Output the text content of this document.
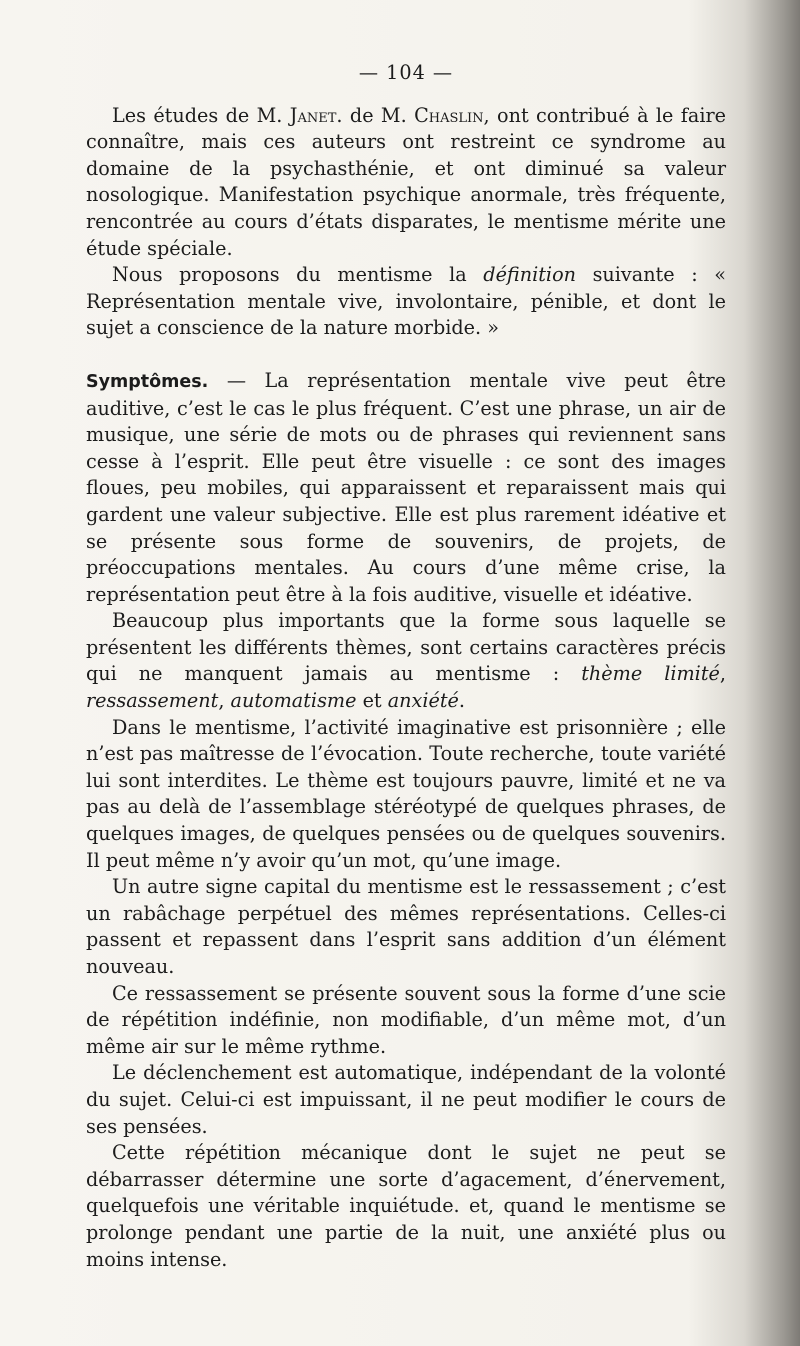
— 104 —

Les études de M. Janet. de M. Chaslin, ont contribué à le faire connaître, mais ces auteurs ont restreint ce syndrome au domaine de la psychasthénie, et ont diminué sa valeur nosologique. Manifestation psychique anormale, très fréquente, rencontrée au cours d’états disparates, le mentisme mérite une étude spéciale.

Nous proposons du mentisme la définition suivante : « Représentation mentale vive, involontaire, pénible, et dont le sujet a conscience de la nature morbide. »

Symptômes. — La représentation mentale vive peut être auditive, c’est le cas le plus fréquent. C’est une phrase, un air de musique, une série de mots ou de phrases qui reviennent sans cesse à l’esprit. Elle peut être visuelle : ce sont des images floues, peu mobiles, qui apparaissent et reparaissent mais qui gardent une valeur subjective. Elle est plus rarement idéative et se présente sous forme de souvenirs, de projets, de préoccupations mentales. Au cours d’une même crise, la représentation peut être à la fois auditive, visuelle et idéative.

Beaucoup plus importants que la forme sous laquelle se présentent les différents thèmes, sont certains caractères précis qui ne manquent jamais au mentisme : thème limité, ressassement, automatisme et anxiété.

Dans le mentisme, l’activité imaginative est prisonnière ; elle n’est pas maîtresse de l’évocation. Toute recherche, toute variété lui sont interdites. Le thème est toujours pauvre, limité et ne va pas au delà de l’assemblage stéréotypé de quelques phrases, de quelques images, de quelques pensées ou de quelques souvenirs. Il peut même n’y avoir qu’un mot, qu’une image.

Un autre signe capital du mentisme est le ressassement ; c’est un rabâchage perpétuel des mêmes représentations. Celles-ci passent et repassent dans l’esprit sans addition d’un élément nouveau.

Ce ressassement se présente souvent sous la forme d’une scie de répétition indéfinie, non modifiable, d’un même mot, d’un même air sur le même rythme.

Le déclenchement est automatique, indépendant de la volonté du sujet. Celui-ci est impuissant, il ne peut modifier le cours de ses pensées.

Cette répétition mécanique dont le sujet ne peut se débarrasser détermine une sorte d’agacement, d’énervement, quelquefois une véritable inquiétude. et, quand le mentisme se prolonge pendant une partie de la nuit, une anxiété plus ou moins intense.
